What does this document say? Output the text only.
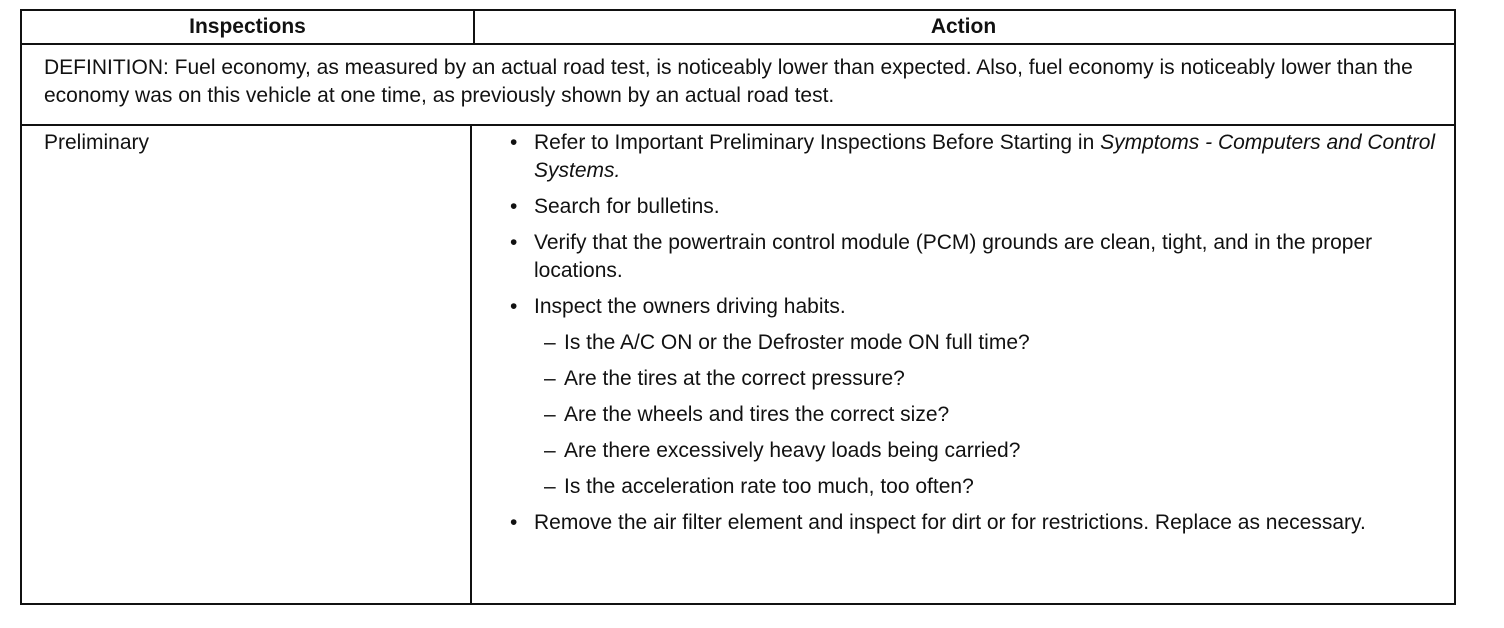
Inspections	Action
DEFINITION: Fuel economy, as measured by an actual road test, is noticeably lower than expected. Also, fuel economy is noticeably lower than the economy was on this vehicle at one time, as previously shown by an actual road test.
Preliminary	• Refer to Important Preliminary Inspections Before Starting in Symptoms - Computers and Control Systems.
• Search for bulletins.
• Verify that the powertrain control module (PCM) grounds are clean, tight, and in the proper locations.
• Inspect the owners driving habits.
– Is the A/C ON or the Defroster mode ON full time?
– Are the tires at the correct pressure?
– Are the wheels and tires the correct size?
– Are there excessively heavy loads being carried?
– Is the acceleration rate too much, too often?
• Remove the air filter element and inspect for dirt or for restrictions. Replace as necessary.
